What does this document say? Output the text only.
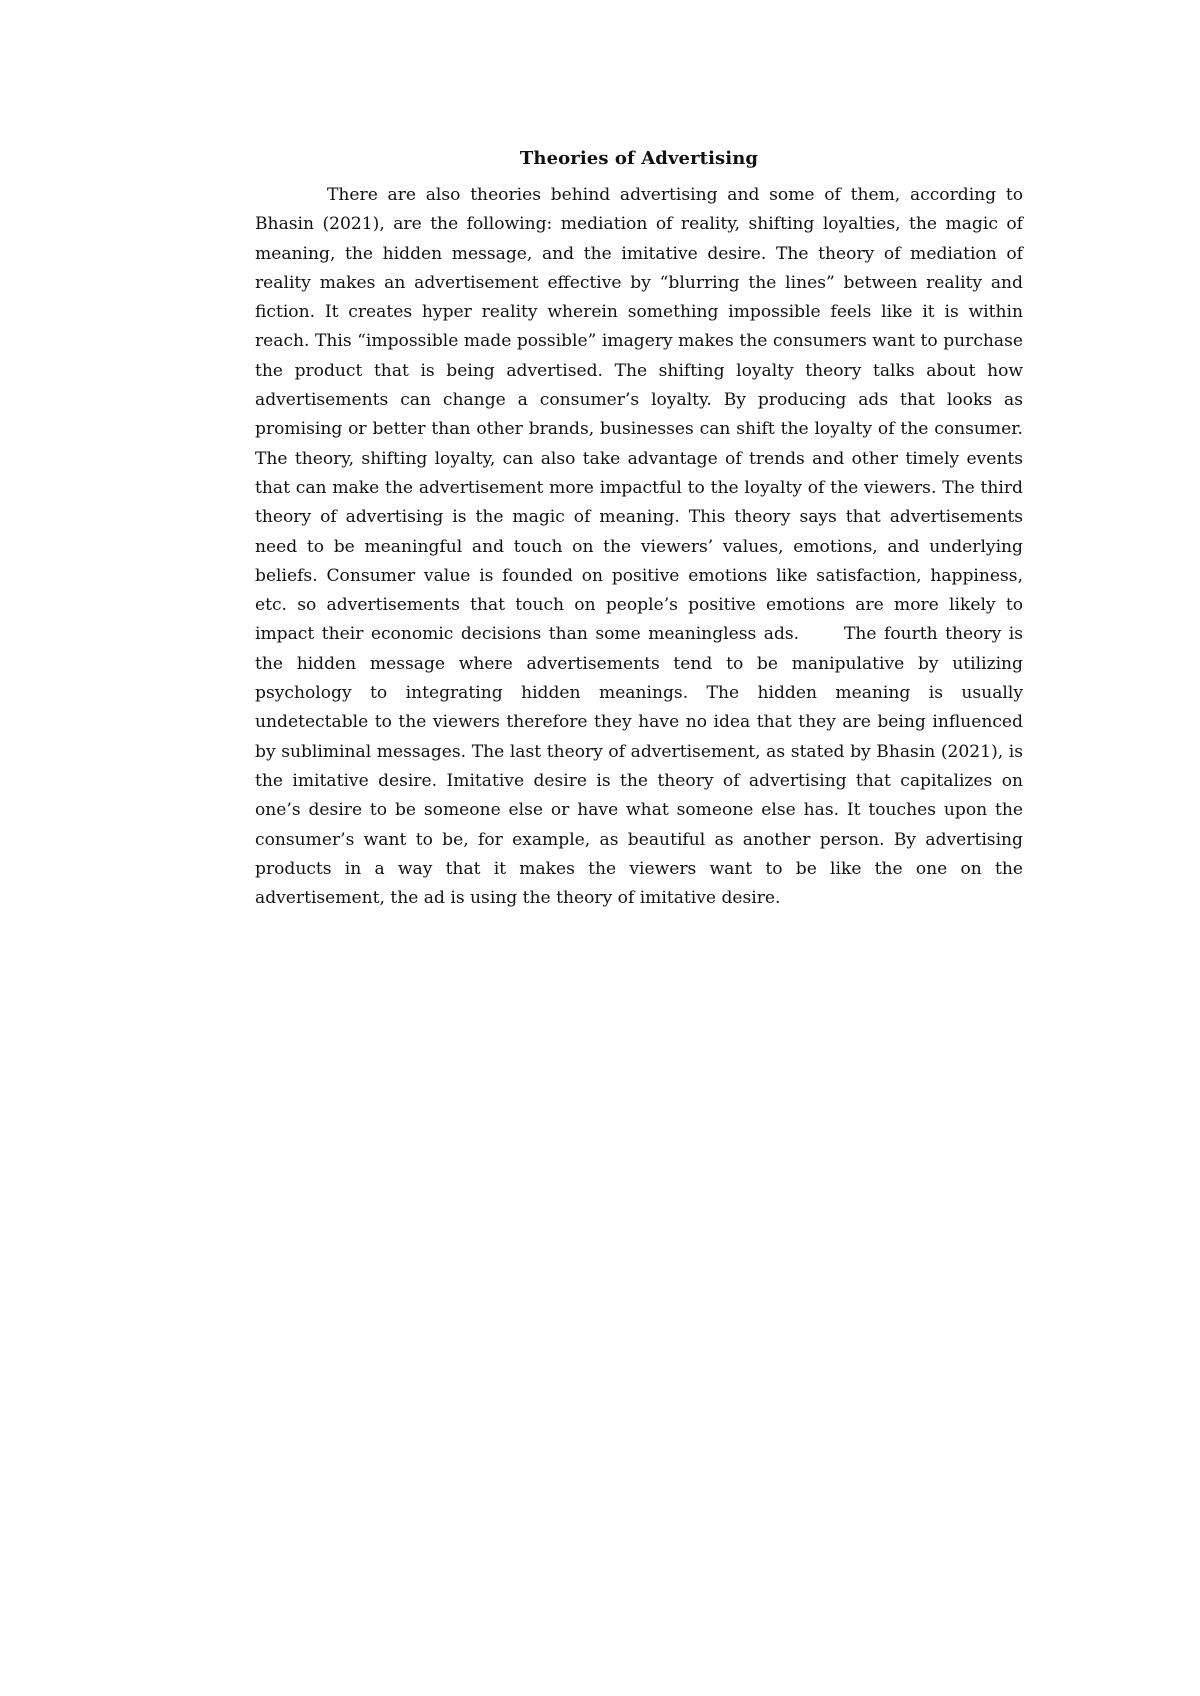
Theories of Advertising

There are also theories behind advertising and some of them, according to Bhasin (2021), are the following: mediation of reality, shifting loyalties, the magic of meaning, the hidden message, and the imitative desire. The theory of mediation of reality makes an advertisement effective by “blurring the lines” between reality and fiction. It creates hyper reality wherein something impossible feels like it is within reach. This “impossible made possible” imagery makes the consumers want to purchase the product that is being advertised. The shifting loyalty theory talks about how advertisements can change a consumer’s loyalty. By producing ads that looks as promising or better than other brands, businesses can shift the loyalty of the consumer. The theory, shifting loyalty, can also take advantage of trends and other timely events that can make the advertisement more impactful to the loyalty of the viewers. The third theory of advertising is the magic of meaning. This theory says that advertisements need to be meaningful and touch on the viewers’ values, emotions, and underlying beliefs. Consumer value is founded on positive emotions like satisfaction, happiness, etc. so advertisements that touch on people’s positive emotions are more likely to impact their economic decisions than some meaningless ads.      The fourth theory is the hidden message where advertisements tend to be manipulative by utilizing psychology to integrating hidden meanings. The hidden meaning is usually undetectable to the viewers therefore they have no idea that they are being influenced by subliminal messages. The last theory of advertisement, as stated by Bhasin (2021), is the imitative desire. Imitative desire is the theory of advertising that capitalizes on one’s desire to be someone else or have what someone else has. It touches upon the consumer’s want to be, for example, as beautiful as another person. By advertising products in a way that it makes the viewers want to be like the one on the advertisement, the ad is using the theory of imitative desire.
